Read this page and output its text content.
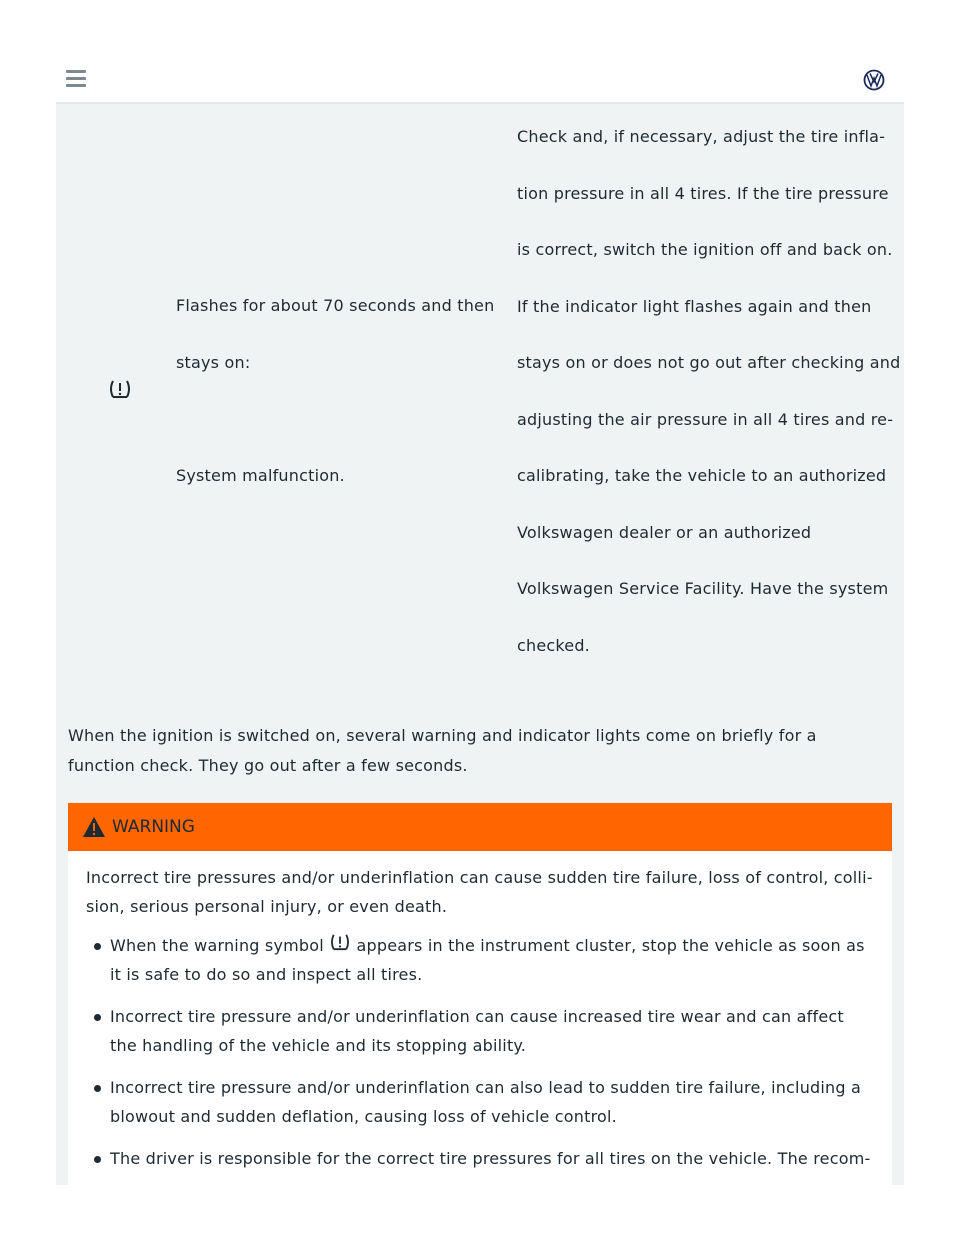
Flashes for about 70 seconds and then
stays on:
System malfunction.
Check and, if necessary, adjust the tire infla-
tion pressure in all 4 tires. If the tire pressure
is correct, switch the ignition off and back on.
If the indicator light flashes again and then
stays on or does not go out after checking and
adjusting the air pressure in all 4 tires and re-
calibrating, take the vehicle to an authorized
Volkswagen dealer or an authorized
Volkswagen Service Facility. Have the system
checked.
When the ignition is switched on, several warning and indicator lights come on briefly for a function check. They go out after a few seconds.
WARNING
Incorrect tire pressures and/or underinflation can cause sudden tire failure, loss of control, colli-sion, serious personal injury, or even death.
When the warning symbol  appears in the instrument cluster, stop the vehicle as soon as it is safe to do so and inspect all tires.
Incorrect tire pressure and/or underinflation can cause increased tire wear and can affect the handling of the vehicle and its stopping ability.
Incorrect tire pressure and/or underinflation can also lead to sudden tire failure, including a blowout and sudden deflation, causing loss of vehicle control.
The driver is responsible for the correct tire pressures for all tires on the vehicle. The recom-
